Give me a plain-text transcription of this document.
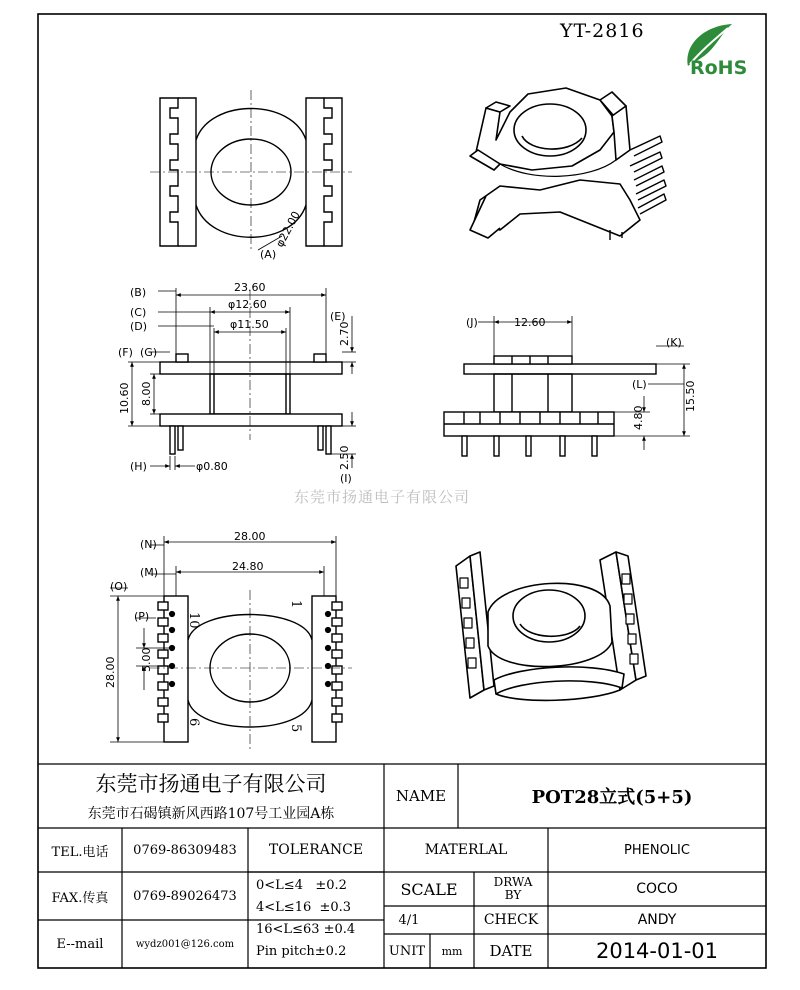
YT-2816
RoHS
(A)
φ22.00
(B)
(C)
(D)
(E)
(F) (G)
(H)
(I)
23.60
φ12.60
φ11.50	2.70
10.60 8.00
φ0.80	2.50
(J)
(K)
(L)
12.60
15.50
4.80
(N)
(M)
(O)
(P)
28.00
24.80
28.00 5.00
10
1
6
5
东莞市扬通电子有限公司
东莞市扬通电子有限公司
东莞市石碣镇新风西路107号工业园A栋
NAME	POT28立式(5+5)
TEL.电话	0769-86309483
FAX.传真	0769-89026473
E--mail	wydz001@126.com
TOLERANCE
0<L≤4   ±0.2
4<L≤16  ±0.3
16<L≤63 ±0.4
Pin pitch±0.2
MATERLAL	PHENOLIC
SCALE
4/1
DRWA BY	COCO
CHECK	ANDY
UNIT	mm	DATE	2014-01-01
